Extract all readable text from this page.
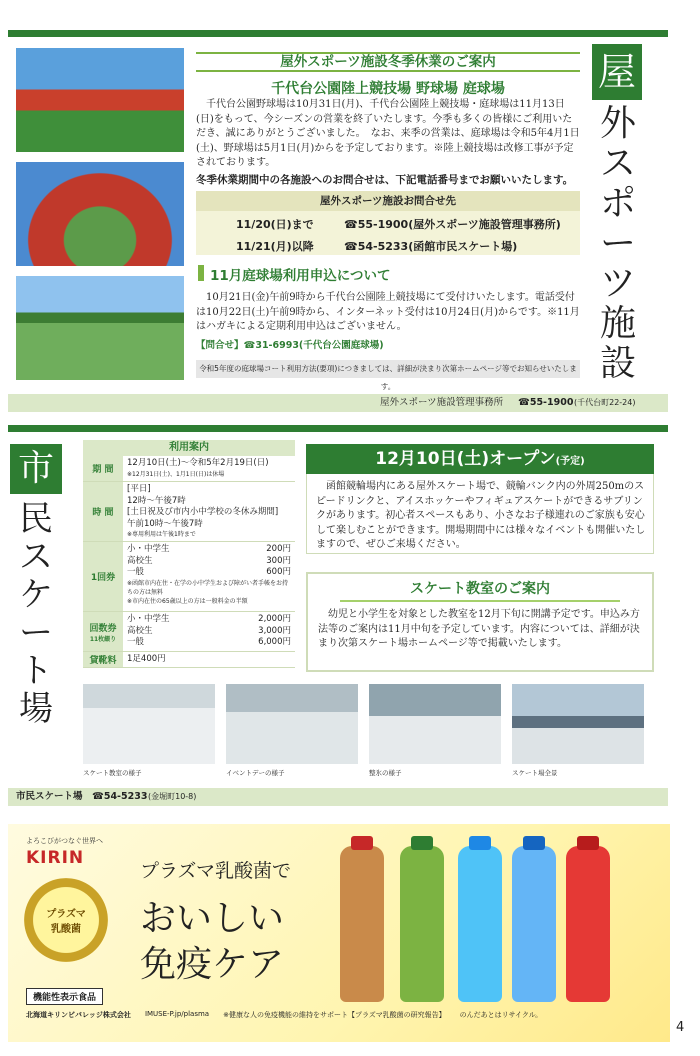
屋外スポーツ施設冬季休業のご案内
千代台公園陸上競技場 野球場 庭球場
千代台公園野球場は10月31日(月)、千代台公園陸上競技場・庭球場は11月13日(日)をもって、今シーズンの営業を終了いたします。今季も多くの皆様にご利用いただき、誠にありがとうございました。　なお、来季の営業は、庭球場は令和5年4月1日(土)、野球場は5月1日(月)からを予定しております。※陸上競技場は改修工事が予定されております。
冬季休業期間中の各施設へのお問合せは、下記電話番号までお願いいたします。
屋外スポーツ施設お問合せ先
11/20(日)まで	☎55-1900(屋外スポーツ施設管理事務所)
11/21(月)以降	☎54-5233(函館市民スケート場)
11月庭球場利用申込について
10月21日(金)午前9時から千代台公園陸上競技場にて受付けいたします。電話受付は10月22日(土)午前9時から、インターネット受付は10月24日(月)からです。※11月はハガキによる定期利用申込はございません。
【問合せ】☎31-6993(千代台公園庭球場)
令和5年度の庭球場コート利用方法(要項)につきましては、詳細が決まり次第ホームページ等でお知らせいたします。
屋
外
ス
ポ
ー
ツ
施
設
屋外スポーツ施設管理事務所 ☎55-1900 (千代台町22-24)
市
民
ス
ケ
ー
ト
場
利用案内
期 間
12月10日(土)～令和5年2月19日(日)
※12月31日(土)、1月1日(日)は休場
時 間
[平日]
12時～午後7時
[土日祝及び市内小中学校の冬休み期間]
午前10時～午後7時
※専用利用は午後1時まで
1回券
小・中学生	200円
高校生	300円
一般	600円
※函館市内在住・在学の小中学生および障がい者手帳をお持ちの方は無料
※市内在住の65歳以上の方は一般料金の半額
回数券
11枚綴り
小・中学生	2,000円
高校生	3,000円
一般	6,000円
貸靴料	1足400円
12月10日(土)オープン(予定)
函館競輪場内にある屋外スケート場で、競輪バンク内の外周250mのスピードリンクと、アイスホッケーやフィギュアスケートができるサブリンクがあります。初心者スペースもあり、小さなお子様連れのご家族も安心して楽しむことができます。開場期間中には様々なイベントも開催いたしますので、ぜひご来場ください。
スケート教室のご案内
幼児と小学生を対象とした教室を12月下旬に開講予定です。申込み方法等のご案内は11月中旬を予定しています。内容については、詳細が決まり次第スケート場ホームページ等で掲載いたします。
スケート教室の様子	イベントデーの様子	整氷の様子	スケート場全景
市民スケート場 ☎54-5233 (金堀町10-8)
よろこびがつなぐ世界へ
KIRIN
プラズマ
乳酸菌
プラズマ乳酸菌で
おいしい
免疫ケア
機能性表示食品
北海道キリンビバレッジ株式会社 IMUSE-P.jp/plasma ※健康な人の免疫機能の維持をサポート【プラズマ乳酸菌の研究報告】 のんだあとはリサイクル。
4
